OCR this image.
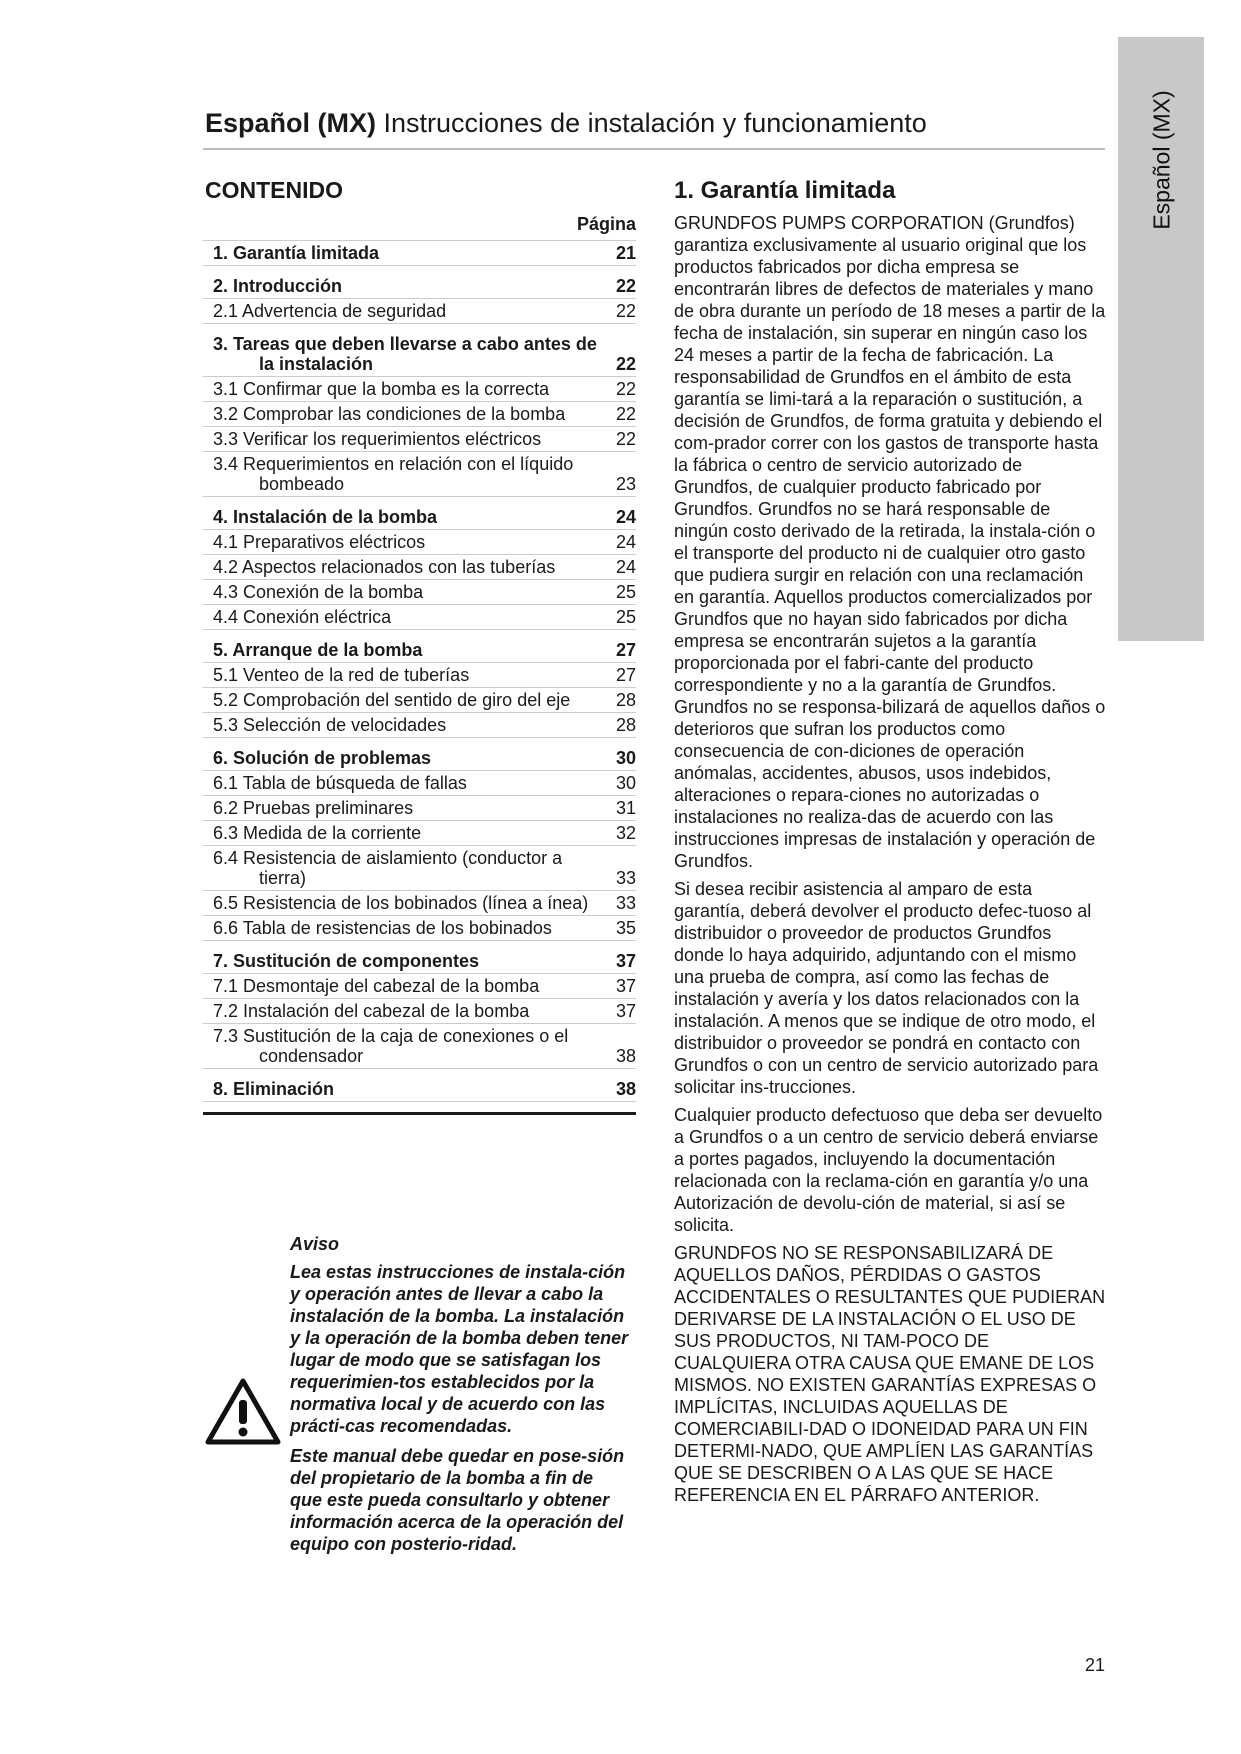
Español (MX)
Español (MX) Instrucciones de instalación y funcionamiento
CONTENIDO
Página
1. Garantía limitada	21
2. Introducción	22
2.1 Advertencia de seguridad	22
3. Tareas que deben llevarse a cabo antes de la instalación	22
3.1 Confirmar que la bomba es la correcta	22
3.2 Comprobar las condiciones de la bomba	22
3.3 Verificar los requerimientos eléctricos	22
3.4 Requerimientos en relación con el líquido bombeado	23
4. Instalación de la bomba	24
4.1 Preparativos eléctricos	24
4.2 Aspectos relacionados con las tuberías	24
4.3 Conexión de la bomba	25
4.4 Conexión eléctrica	25
5. Arranque de la bomba	27
5.1 Venteo de la red de tuberías	27
5.2 Comprobación del sentido de giro del eje	28
5.3 Selección de velocidades	28
6. Solución de problemas	30
6.1 Tabla de búsqueda de fallas	30
6.2 Pruebas preliminares	31
6.3 Medida de la corriente	32
6.4 Resistencia de aislamiento (conductor a tierra)	33
6.5 Resistencia de los bobinados (línea a ínea)	33
6.6 Tabla de resistencias de los bobinados	35
7. Sustitución de componentes	37
7.1 Desmontaje del cabezal de la bomba	37
7.2 Instalación del cabezal de la bomba	37
7.3 Sustitución de la caja de conexiones o el condensador	38
8. Eliminación	38

Aviso

Lea estas instrucciones de instala-ción y operación antes de llevar a cabo la instalación de la bomba. La instalación y la operación de la bomba deben tener lugar de modo que se satisfagan los requerimien-tos establecidos por la normativa local y de acuerdo con las prácti-cas recomendadas.

Este manual debe quedar en pose-sión del propietario de la bomba a fin de que este pueda consultarlo y obtener información acerca de la operación del equipo con posterio-ridad.

1. Garantía limitada

GRUNDFOS PUMPS CORPORATION (Grundfos) garantiza exclusivamente al usuario original que los productos fabricados por dicha empresa se encontrarán libres de defectos de materiales y mano de obra durante un período de 18 meses a partir de la fecha de instalación, sin superar en ningún caso los 24 meses a partir de la fecha de fabricación. La responsabilidad de Grundfos en el ámbito de esta garantía se limi-tará a la reparación o sustitución, a decisión de Grundfos, de forma gratuita y debiendo el com-prador correr con los gastos de transporte hasta la fábrica o centro de servicio autorizado de Grundfos, de cualquier producto fabricado por Grundfos. Grundfos no se hará responsable de ningún costo derivado de la retirada, la instala-ción o el transporte del producto ni de cualquier otro gasto que pudiera surgir en relación con una reclamación en garantía. Aquellos productos comercializados por Grundfos que no hayan sido fabricados por dicha empresa se encontrarán sujetos a la garantía proporcionada por el fabri-cante del producto correspondiente y no a la garantía de Grundfos. Grundfos no se responsa-bilizará de aquellos daños o deterioros que sufran los productos como consecuencia de con-diciones de operación anómalas, accidentes, abusos, usos indebidos, alteraciones o repara-ciones no autorizadas o instalaciones no realiza-das de acuerdo con las instrucciones impresas de instalación y operación de Grundfos.

Si desea recibir asistencia al amparo de esta garantía, deberá devolver el producto defec-tuoso al distribuidor o proveedor de productos Grundfos donde lo haya adquirido, adjuntando con el mismo una prueba de compra, así como las fechas de instalación y avería y los datos relacionados con la instalación. A menos que se indique de otro modo, el distribuidor o proveedor se pondrá en contacto con Grundfos o con un centro de servicio autorizado para solicitar ins-trucciones.

Cualquier producto defectuoso que deba ser devuelto a Grundfos o a un centro de servicio deberá enviarse a portes pagados, incluyendo la documentación relacionada con la reclama-ción en garantía y/o una Autorización de devolu-ción de material, si así se solicita.

GRUNDFOS NO SE RESPONSABILIZARÁ DE AQUELLOS DAÑOS, PÉRDIDAS O GASTOS ACCIDENTALES O RESULTANTES QUE PUDIERAN DERIVARSE DE LA INSTALACIÓN O EL USO DE SUS PRODUCTOS, NI TAM-POCO DE CUALQUIERA OTRA CAUSA QUE EMANE DE LOS MISMOS. NO EXISTEN GARANTÍAS EXPRESAS O IMPLÍCITAS, INCLUIDAS AQUELLAS DE COMERCIABILI-DAD O IDONEIDAD PARA UN FIN DETERMI-NADO, QUE AMPLÍEN LAS GARANTÍAS QUE SE DESCRIBEN O A LAS QUE SE HACE REFERENCIA EN EL PÁRRAFO ANTERIOR.

21
